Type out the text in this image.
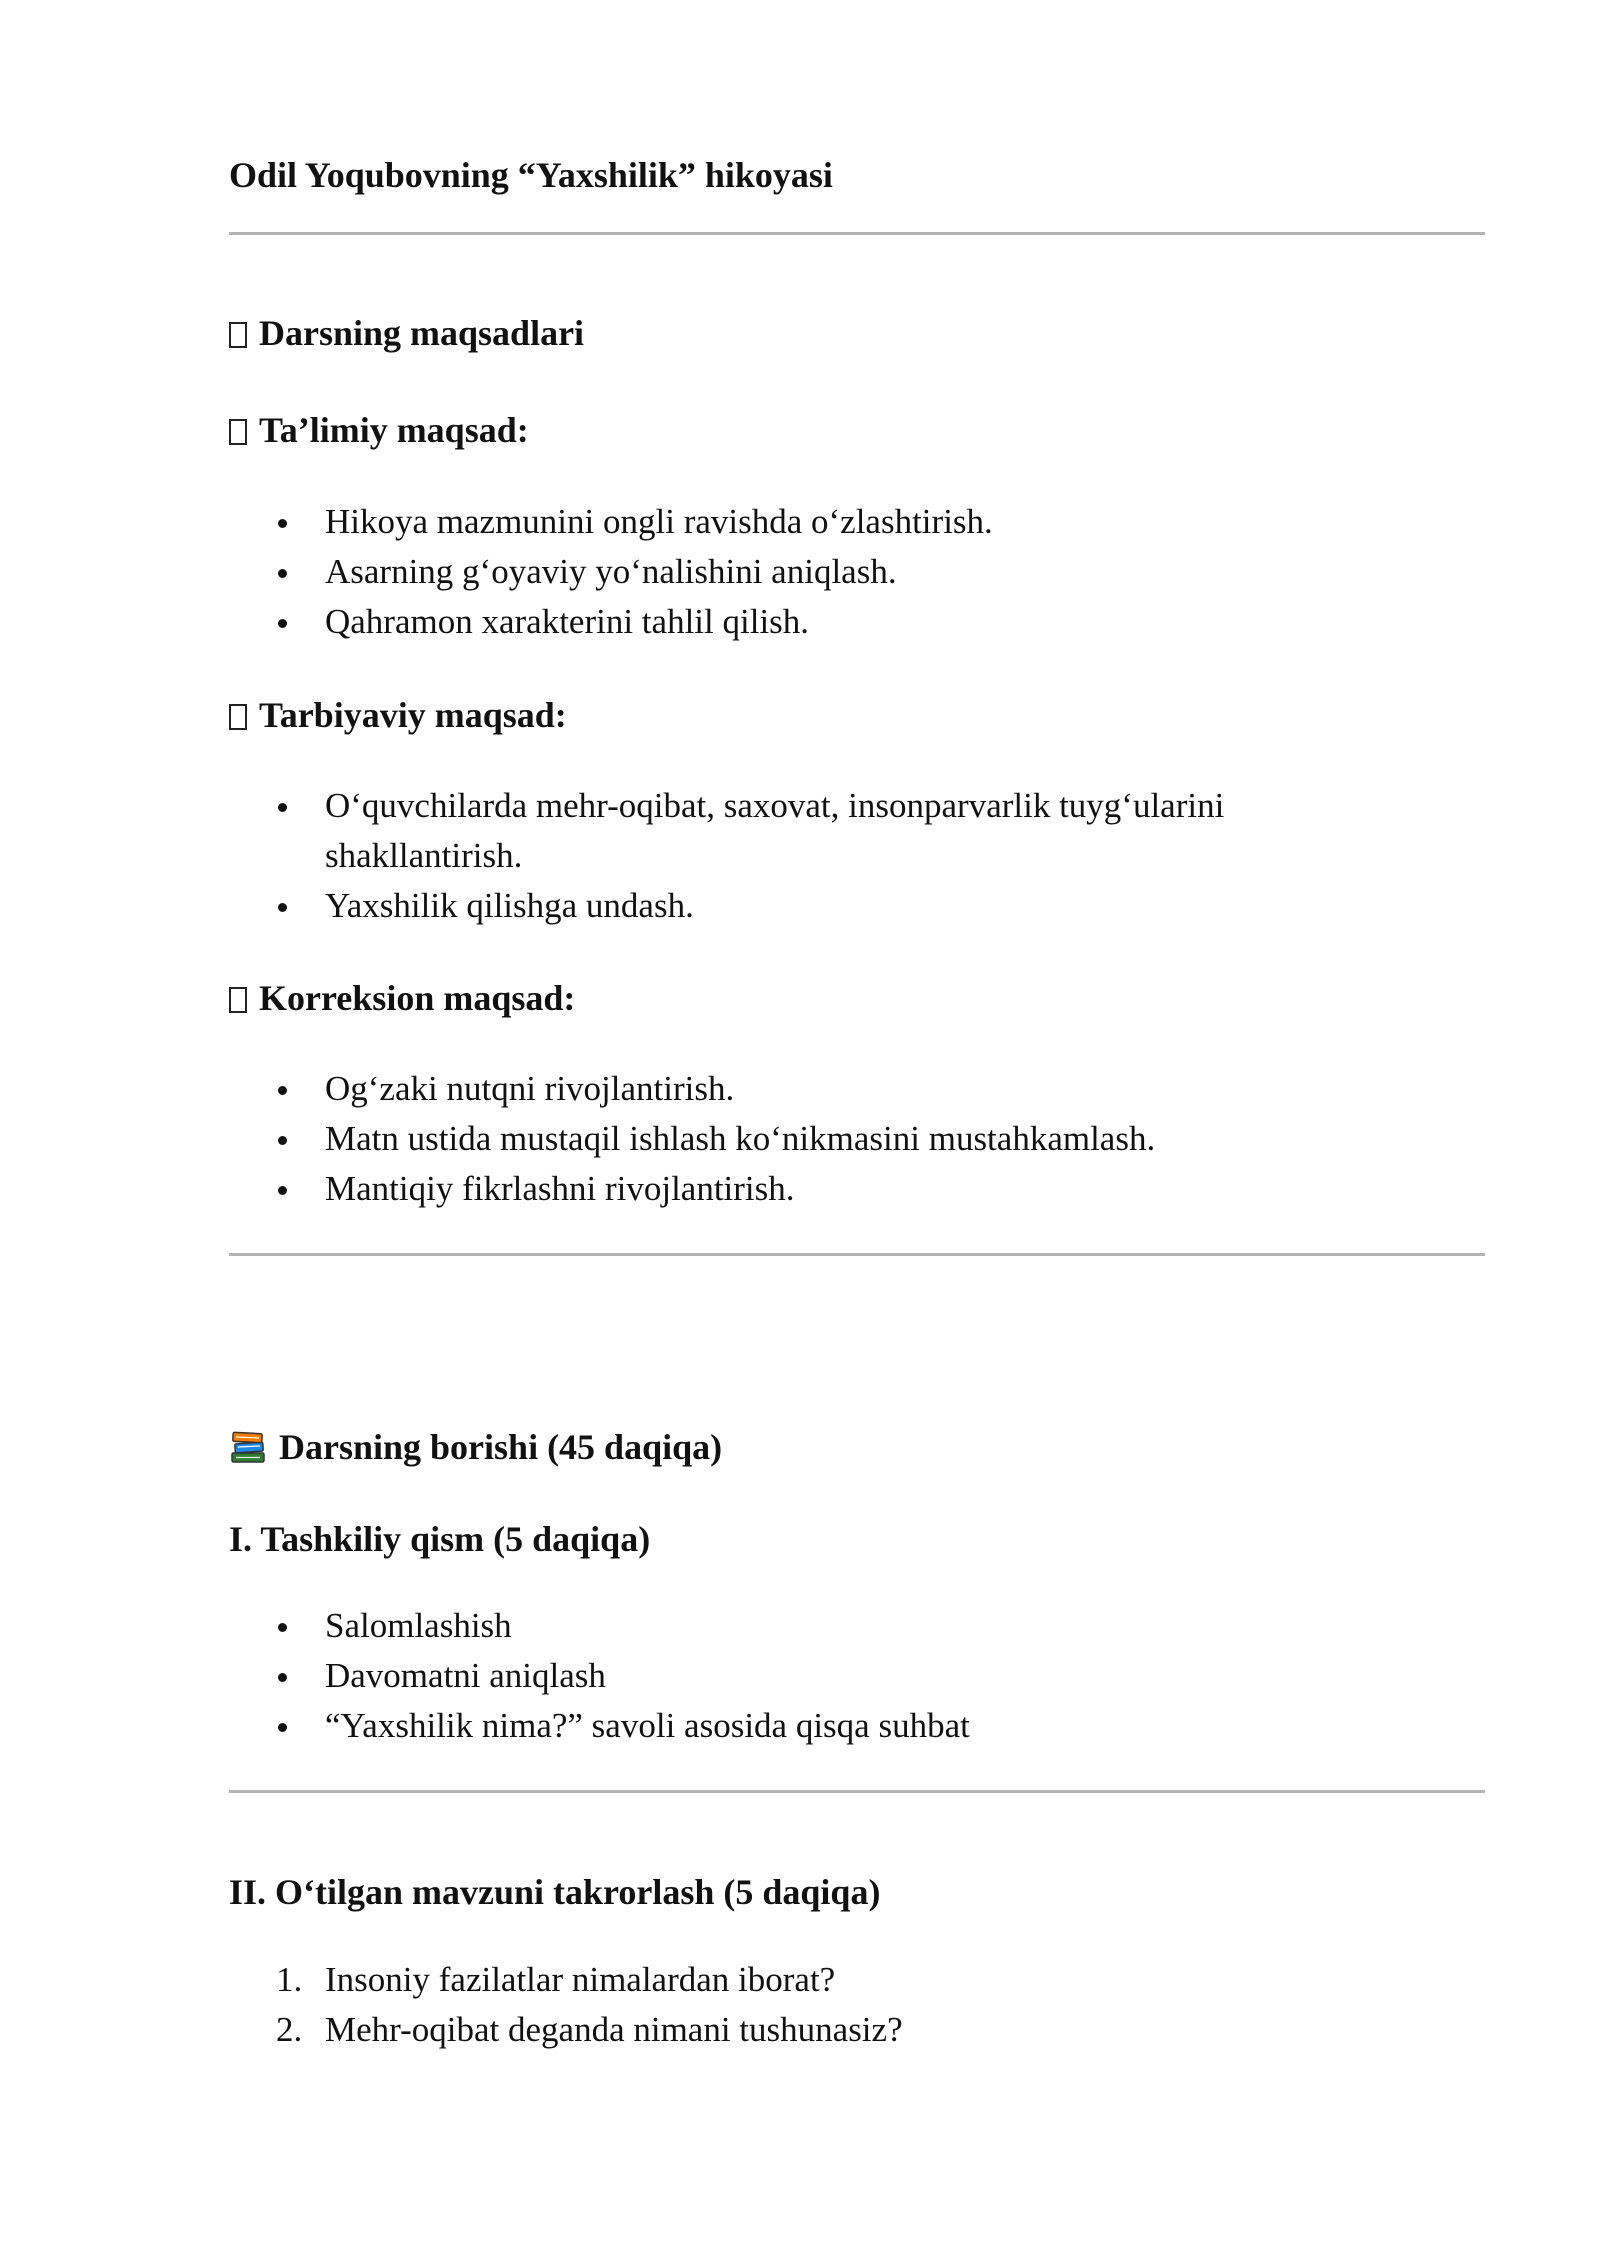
Odil Yoqubovning “Yaxshilik” hikoyasi
Darsning maqsadlari
Ta’limiy maqsad:
Hikoya mazmunini ongli ravishda o‘zlashtirish.
Asarning g‘oyaviy yo‘nalishini aniqlash.
Qahramon xarakterini tahlil qilish.
Tarbiyaviy maqsad:
O‘quvchilarda mehr-oqibat, saxovat, insonparvarlik tuyg‘ularini shakllantirish.
Yaxshilik qilishga undash.
Korreksion maqsad:
Og‘zaki nutqni rivojlantirish.
Matn ustida mustaqil ishlash ko‘nikmasini mustahkamlash.
Mantiqiy fikrlashni rivojlantirish.
Darsning borishi (45 daqiqa)
I. Tashkiliy qism (5 daqiqa)
Salomlashish
Davomatni aniqlash
“Yaxshilik nima?” savoli asosida qisqa suhbat
II. O‘tilgan mavzuni takrorlash (5 daqiqa)
1. Insoniy fazilatlar nimalardan iborat?
2. Mehr-oqibat deganda nimani tushunasiz?
